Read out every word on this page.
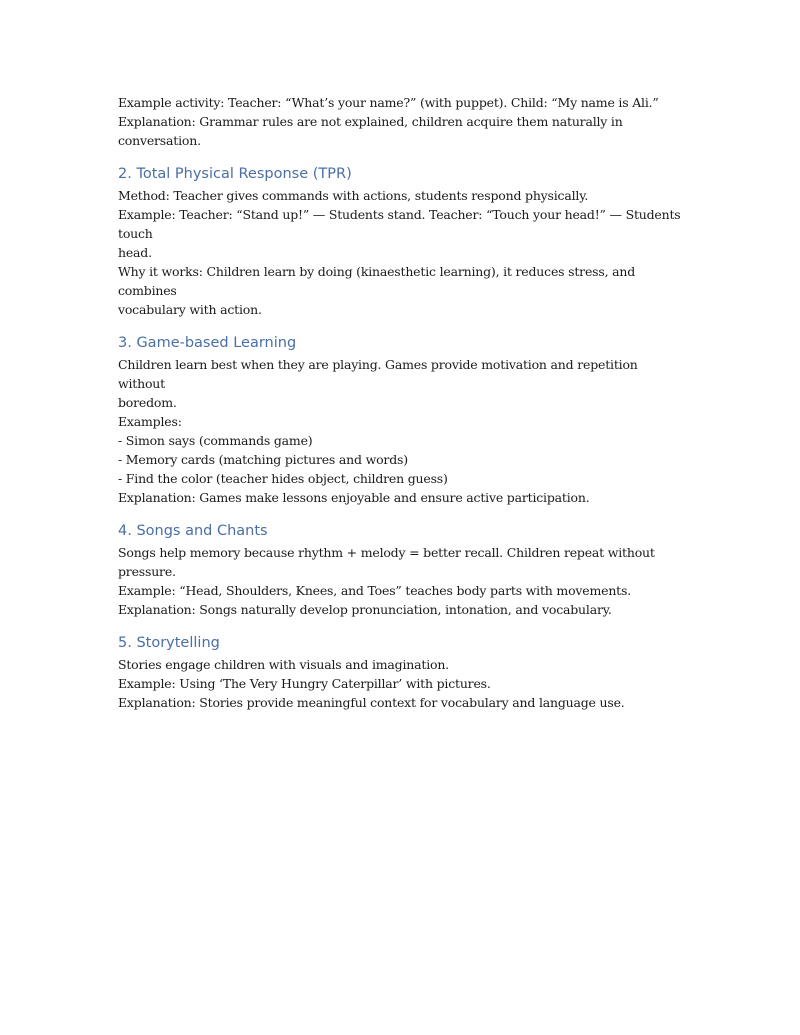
Example activity: Teacher: “What’s your name?” (with puppet). Child: “My name is Ali.”
Explanation: Grammar rules are not explained, children acquire them naturally in conversation.
2. Total Physical Response (TPR)
Method: Teacher gives commands with actions, students respond physically.
Example: Teacher: “Stand up!” — Students stand. Teacher: “Touch your head!” — Students touch
head.
Why it works: Children learn by doing (kinaesthetic learning), it reduces stress, and combines
vocabulary with action.
3. Game-based Learning
Children learn best when they are playing. Games provide motivation and repetition without
boredom.
Examples:
- Simon says (commands game)
- Memory cards (matching pictures and words)
- Find the color (teacher hides object, children guess)
Explanation: Games make lessons enjoyable and ensure active participation.
4. Songs and Chants
Songs help memory because rhythm + melody = better recall. Children repeat without pressure.
Example: “Head, Shoulders, Knees, and Toes” teaches body parts with movements.
Explanation: Songs naturally develop pronunciation, intonation, and vocabulary.
5. Storytelling
Stories engage children with visuals and imagination.
Example: Using ‘The Very Hungry Caterpillar’ with pictures.
Explanation: Stories provide meaningful context for vocabulary and language use.
